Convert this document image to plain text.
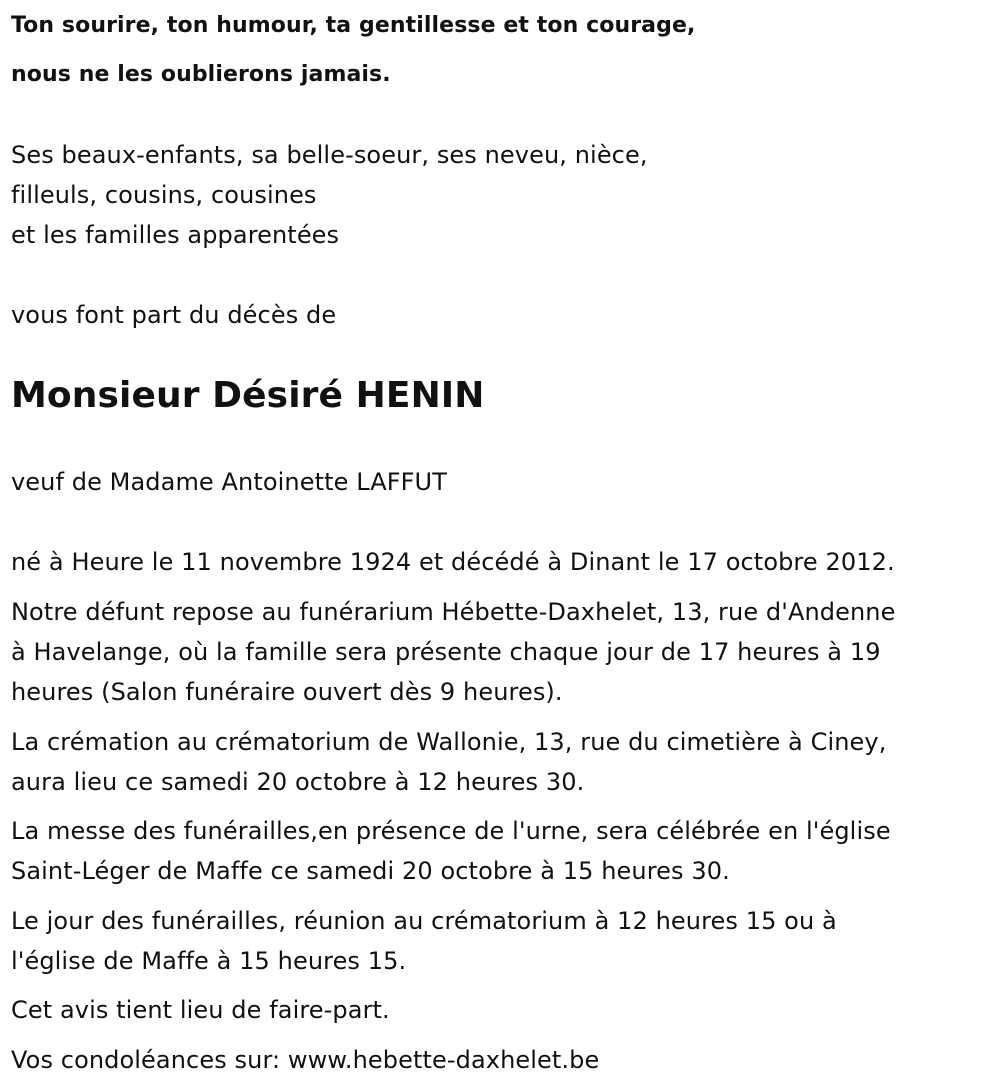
Ton sourire, ton humour, ta gentillesse et ton courage,
nous ne les oublierons jamais.
Ses beaux-enfants, sa belle-soeur, ses neveu, nièce,
filleuls, cousins, cousines
et les familles apparentées
vous font part du décès de
Monsieur Désiré HENIN
veuf de Madame Antoinette LAFFUT
né à Heure le 11 novembre 1924 et décédé à Dinant le 17 octobre 2012.
Notre défunt repose au funérarium Hébette-Daxhelet, 13, rue d'Andenne
à Havelange, où la famille sera présente chaque jour de 17 heures à 19
heures (Salon funéraire ouvert dès 9 heures).
La crémation au crématorium de Wallonie, 13, rue du cimetière à Ciney,
aura lieu ce samedi 20 octobre à 12 heures 30.
La messe des funérailles,en présence de l'urne, sera célébrée en l'église
Saint-Léger de Maffe ce samedi 20 octobre à 15 heures 30.
Le jour des funérailles, réunion au crématorium à 12 heures 15 ou à
l'église de Maffe à 15 heures 15.
Cet avis tient lieu de faire-part.
Vos condoléances sur: www.hebette-daxhelet.be
